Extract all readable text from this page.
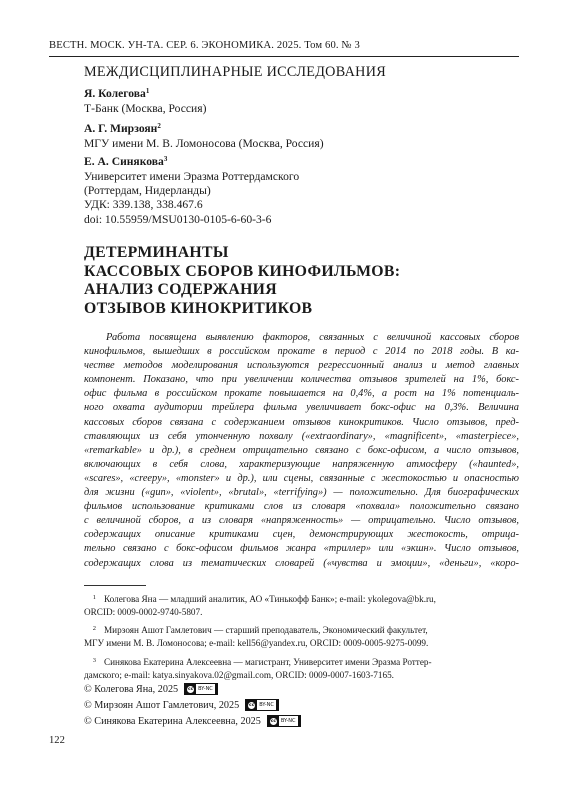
ВЕСТН. МОСК. УН-ТА. СЕР. 6. ЭКОНОМИКА. 2025. Том 60. № 3
МЕЖДИСЦИПЛИНАРНЫЕ ИССЛЕДОВАНИЯ
Я. Колегова$^1$
Т-Банк (Москва, Россия)
А. Г. Мирзоян$^2$
МГУ имени М. В. Ломоносова (Москва, Россия)
Е. А. Синякова$^3$
Университет имени Эразма Роттердамского
(Роттердам, Нидерланды)
УДК: 339.138, 338.467.6
doi: 10.55959/MSU0130-0105-6-60-3-6
ДЕТЕРМИНАНТЫ
КАССОВЫХ СБОРОВ КИНОФИЛЬМОВ:
АНАЛИЗ СОДЕРЖАНИЯ
ОТЗЫВОВ КИНОКРИТИКОВ
Работа посвящена выявлению факторов, связанных с величиной кассовых сборов
кинофильмов, вышедших в российском прокате в период с 2014 по 2018 годы. В ка-
честве методов моделирования используются регрессионный анализ и метод главных
компонент. Показано, что при увеличении количества отзывов зрителей на 1%, бокс-
офис фильма в российском прокате повышается на 0,4%, а рост на 1% потенциаль-
ного охвата аудитории трейлера фильма увеличивает бокс-офис на 0,3%. Величина
кассовых сборов связана с содержанием отзывов кинокритиков. Число отзывов, пред-
ставляющих из себя утонченную похвалу («extraordinary», «magnificent», «masterpiece»,
«remarkable» и др.), в среднем отрицательно связано с бокс-офисом, а число отзывов,
включающих в себя слова, характеризующие напряженную атмосферу («haunted»,
«scares», «creepy», «monster» и др.), или сцены, связанные с жестокостью и опасностью
для жизни («gun», «violent», «brutal», «terrifying») — положительно. Для биографических
фильмов использование критиками слов из словаря «похвала» положительно связано
с величиной сборов, а из словаря «напряженность» — отрицательно. Число отзывов,
содержащих описание критиками сцен, демонстрирующих жестокость, отрица-
тельно связано с бокс-офисом фильмов жанра «триллер» или «экшн». Число отзывов,
содержащих слова из тематических словарей («чувства и эмоции», «деньги», «коро-
1 Колегова Яна — младший аналитик, АО «Тинькофф Банк»; e-mail: ykolegova@bk.ru,
ORCID: 0009-0002-9740-5807.
2 Мирзоян Ашот Гамлетович — старший преподаватель, Экономический факультет,
МГУ имени М. В. Ломоносова; e-mail: kell56@yandex.ru, ORCID: 0009-0005-9275-0099.
3 Синякова Екатерина Алексеевна — магистрант, Университет имени Эразма Роттер-
дамского; e-mail: katya.sinyakova.02@gmail.com, ORCID: 0009-0007-1603-7165.
© Колегова Яна, 2025 cc BY-NC
© Мирзоян Ашот Гамлетович, 2025 cc BY-NC
© Синякова Екатерина Алексеевна, 2025 cc BY-NC
122
